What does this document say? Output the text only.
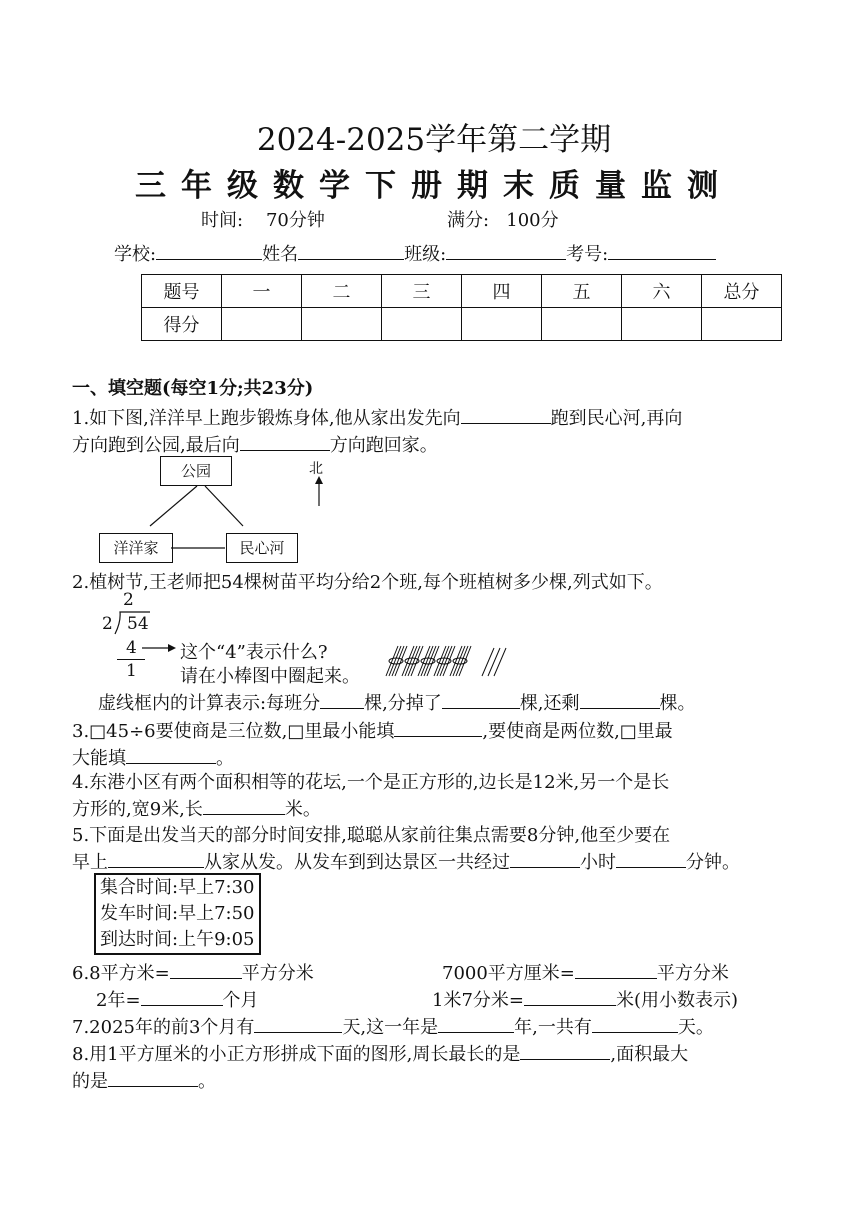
2024-2025学年第二学期
三年级数学下册期末质量监测
时间: 70分钟	满分: 100分
学校:	姓名	班级:	考号:
题号	一	二	三	四	五	六	总分
得分							
一、填空题(每空1分;共23分)
1.如下图,洋洋早上跑步锻炼身体,他从家出发先向	跑到民心河,再向
方向跑到公园,最后向	方向跑回家。
公园	北
洋洋家	民心河
2.植树节,王老师把54棵树苗平均分给2个班,每个班植树多少棵,列式如下。
2
2 54
4
1
这个“4”表示什么?
请在小棒图中圈起来。
虚线框内的计算表示:每班分 棵,分掉了	棵,还剩	棵。
3.□45÷6要使商是三位数,□里最小能填	,要使商是两位数,□里最
大能填	。
4.东港小区有两个面积相等的花坛,一个是正方形的,边长是12米,另一个是长
方形的,宽9米,长	米。
5.下面是出发当天的部分时间安排,聪聪从家前往集点需要8分钟,他至少要在
早上	从家从发。从发车到到达景区一共经过	小时	分钟。
集合时间:早上7:30
发车时间:早上7:50
到达时间:上午9:05
6.8平方米=	平方分米	7000平方厘米=	平方分米
2年=	个月	1米7分米=	米(用小数表示)
7.2025年的前3个月有	天,这一年是	年,一共有	天。
8.用1平方厘米的小正方形拼成下面的图形,周长最长的是	,面积最大
的是	。
